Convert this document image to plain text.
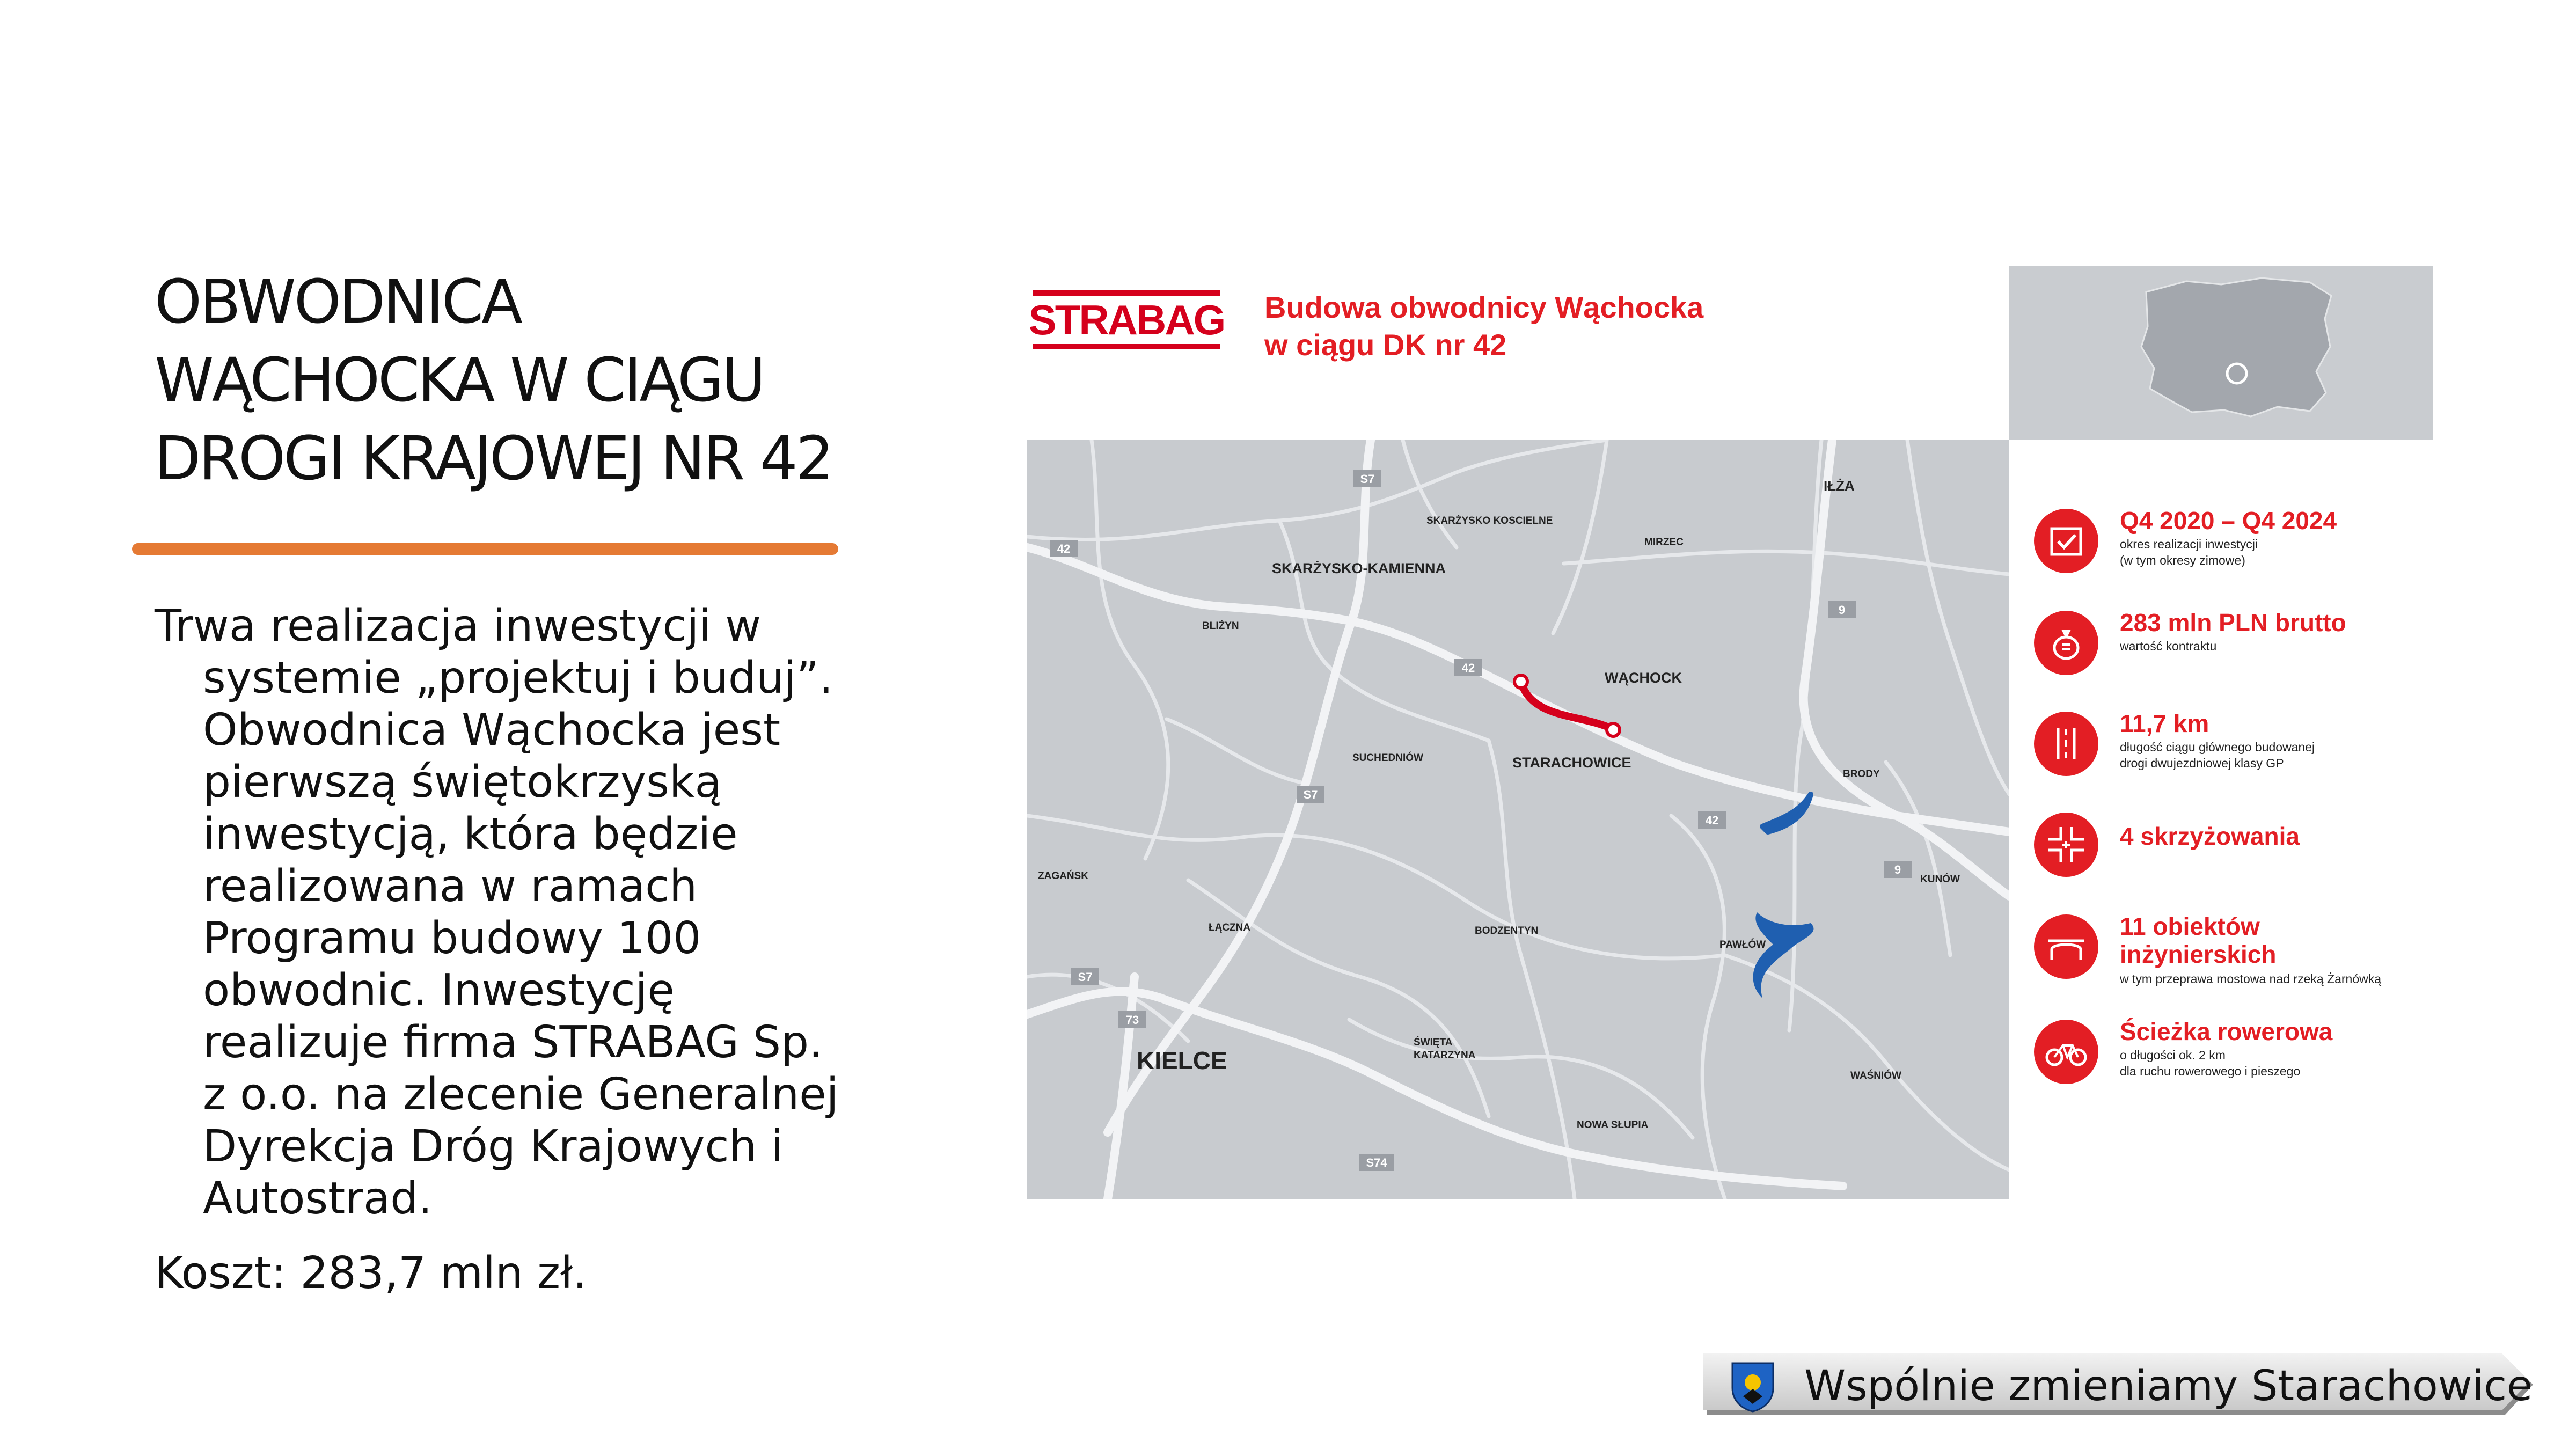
OBWODNICA
WĄCHOCKA W CIĄGU
DROGI KRAJOWEJ NR 42

Trwa realizacja inwestycji w systemie „projektuj i buduj”. Obwodnica Wąchocka jest pierwszą świętokrzyską inwestycją, która będzie realizowana w ramach Programu budowy 100 obwodnic. Inwestycję realizuje firma STRABAG Sp. z o.o. na zlecenie Generalnej Dyrekcja Dróg Krajowych i Autostrad.

Koszt: 283,7 mln zł.

STRABAG Budowa obwodnicy Wąchocka
w ciągu DK nr 42
S7
42
42
9
S7
42
9
S7
73
S74
IŁŻA
SKARŻYSKO KOSCIELNE
MIRZEC
SKARŻYSKO-KAMIENNA
BLIŻYN
WĄCHOCK
SUCHEDNIÓW	STARACHOWICE
BRODY
KUNÓW
ZAGAŃSK
ŁĄCZNA	BODZENTYN
PAWŁÓW
KIELCE
ŚWIĘTA
KATARZYNA
WAŚNIÓW
NOWA SŁUPIA
Q4 2020 – Q4 2024
okres realizacji inwestycji
(w tym okresy zimowe)
283 mln PLN brutto
wartość kontraktu
11,7 km
długość ciągu głównego budowanej
drogi dwujezdniowej klasy GP
4 skrzyżowania
11 obiektów
inżynierskich
w tym przeprawa mostowa nad rzeką Żarnówką
Ścieżka rowerowa
o długości ok. 2 km
dla ruchu rowerowego i pieszego
Wspólnie zmieniamy Starachowice
